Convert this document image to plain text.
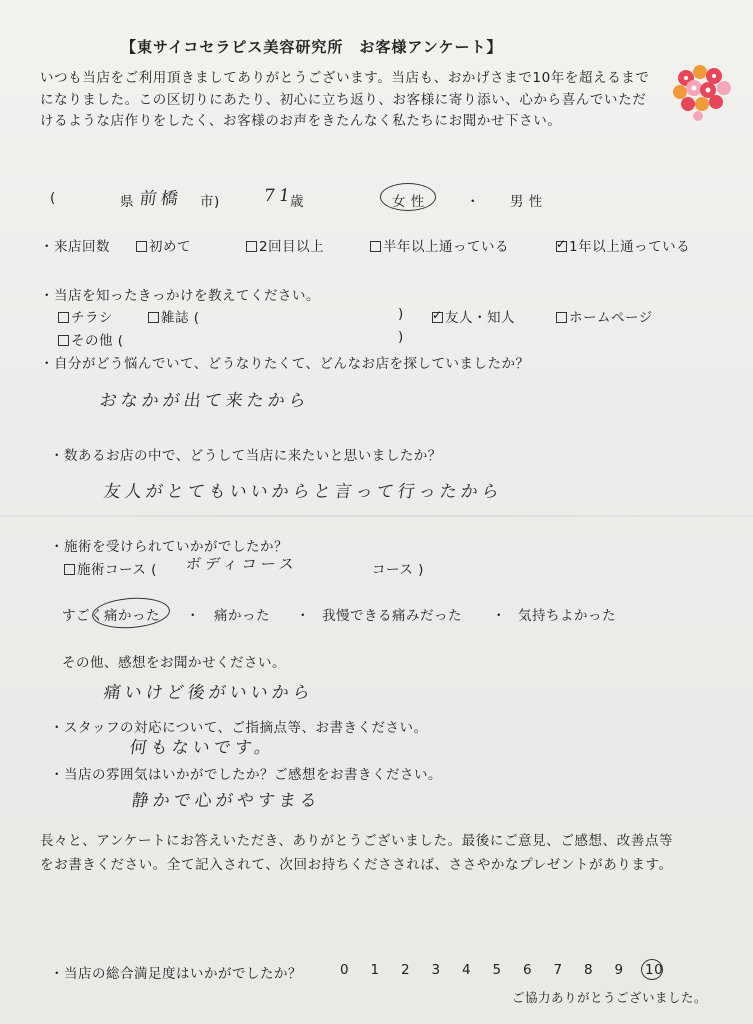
【東サイコセラピス美容研究所　お客様アンケート】
いつも当店をご利用頂きましてありがとうございます。当店も、おかげさまで10年を超えるまでになりました。この区切りにあたり、初心に立ち返り、お客様に寄り添い、心から喜んでいただけるような店作りをしたく、お客様のお声をきたんなく私たちにお聞かせ下さい。
(	県 前橋 市)	71
歳	女 性	・ 男 性
・来店回数	初めて	2回目以上	半年以上通っている ✓	1年以上通っている
・当店を知ったきっかけを教えてください。
チラシ	雑誌 (	) ✓	友人・知人	ホームページ
その他 (	)
・自分がどう悩んでいて、どうなりたくて、どんなお店を探していましたか？
おなかが出て来たから
・数あるお店の中で、どうして当店に来たいと思いましたか？
友人がとてもいいからと言って行ったから
・施術を受けられていかがでしたか？
施術コース ( ボディコース	コース )
すごく痛かった ・ 痛かった ・ 我慢できる痛みだった ・ 気持ちよかった
その他、感想をお聞かせください。
痛いけど後がいいから
・スタッフの対応について、ご指摘点等、お書きください。
何もないです。
・当店の雰囲気はいかがでしたか？ご感想をお書きください。
静かで心がやすまる
長々と、アンケートにお答えいただき、ありがとうございました。最後にご意見、ご感想、改善点等をお書きください。全て記入されて、次回お持ちくださされば、ささやかなプレゼントがあります。
・当店の総合満足度はいかがでしたか？	0 1 2 3 4 5 6 7 8 9 10
ご協力ありがとうございました。
